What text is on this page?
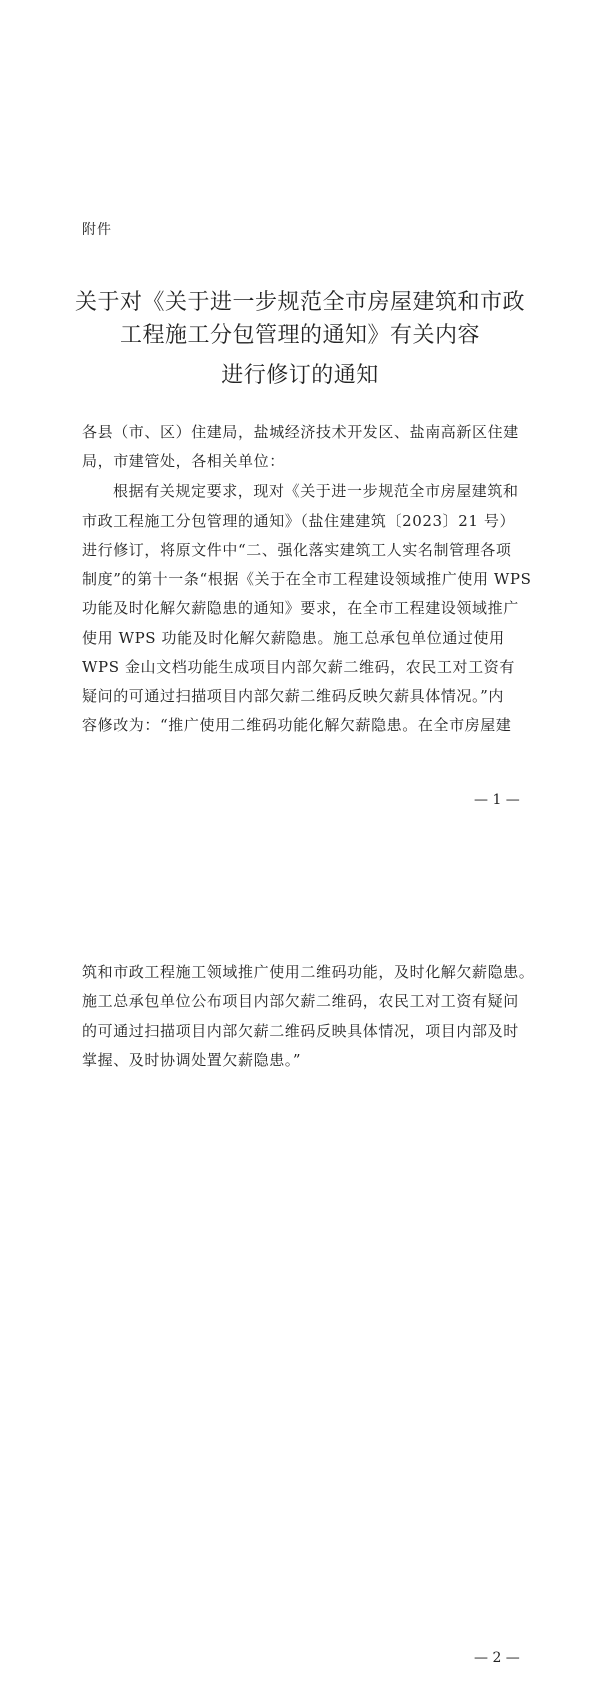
附件
关于对《关于进一步规范全市房屋建筑和市政
工程施工分包管理的通知》有关内容
进行修订的通知
各县（市、区）住建局，盐城经济技术开发区、盐南高新区住建
局，市建管处，各相关单位：
根据有关规定要求，现对《关于进一步规范全市房屋建筑和
市政工程施工分包管理的通知》（盐住建建筑〔2023〕21 号）
进行修订，将原文件中“二、强化落实建筑工人实名制管理各项
制度”的第十一条“根据《关于在全市工程建设领域推广使用 WPS
功能及时化解欠薪隐患的通知》要求，在全市工程建设领域推广
使用 WPS 功能及时化解欠薪隐患。施工总承包单位通过使用
WPS 金山文档功能生成项目内部欠薪二维码，农民工对工资有
疑问的可通过扫描项目内部欠薪二维码反映欠薪具体情况。”内
容修改为：“推广使用二维码功能化解欠薪隐患。在全市房屋建
— 1 —
筑和市政工程施工领域推广使用二维码功能，及时化解欠薪隐患。
施工总承包单位公布项目内部欠薪二维码，农民工对工资有疑问
的可通过扫描项目内部欠薪二维码反映具体情况，项目内部及时
掌握、及时协调处置欠薪隐患。”
— 2 —
